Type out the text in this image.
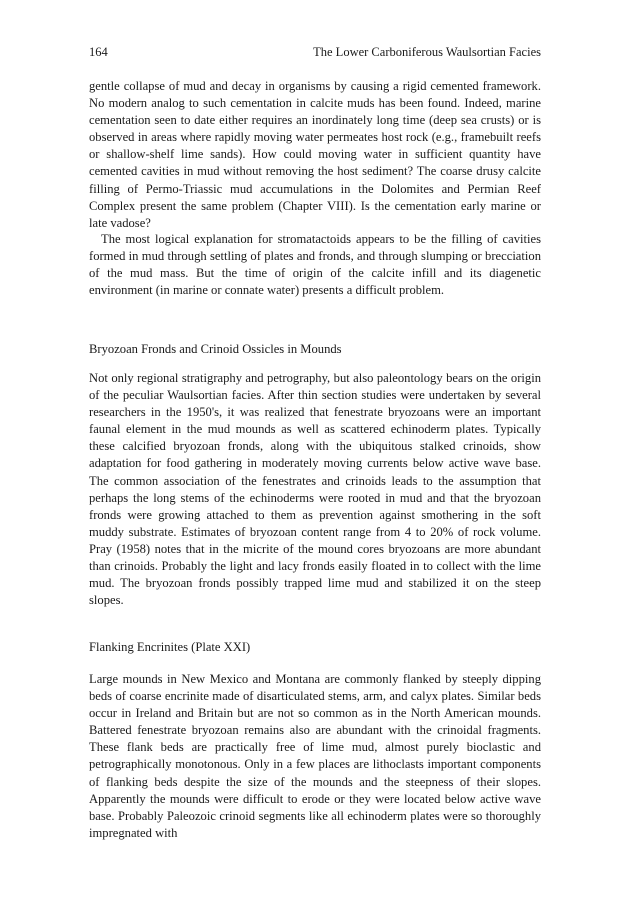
164	The Lower Carboniferous Waulsortian Facies

gentle collapse of mud and decay in organisms by causing a rigid cemented framework. No modern analog to such cementation in calcite muds has been found. Indeed, marine cementation seen to date either requires an inordinately long time (deep sea crusts) or is observed in areas where rapidly moving water permeates host rock (e.g., framebuilt reefs or shallow-shelf lime sands). How could moving water in sufficient quantity have cemented cavities in mud without removing the host sediment? The coarse drusy calcite filling of Permo-Triassic mud accumulations in the Dolomites and Permian Reef Complex present the same problem (Chapter VIII). Is the cementation early marine or late vadose?

The most logical explanation for stromatactoids appears to be the filling of cavities formed in mud through settling of plates and fronds, and through slumping or brecciation of the mud mass. But the time of origin of the calcite infill and its diagenetic environment (in marine or connate water) presents a difficult problem.

Bryozoan Fronds and Crinoid Ossicles in Mounds

Not only regional stratigraphy and petrography, but also paleontology bears on the origin of the peculiar Waulsortian facies. After thin section studies were undertaken by several researchers in the 1950's, it was realized that fenestrate bryozoans were an important faunal element in the mud mounds as well as scattered echinoderm plates. Typically these calcified bryozoan fronds, along with the ubiquitous stalked crinoids, show adaptation for food gathering in moderately moving currents below active wave base. The common association of the fenestrates and crinoids leads to the assumption that perhaps the long stems of the echinoderms were rooted in mud and that the bryozoan fronds were growing attached to them as prevention against smothering in the soft muddy substrate. Estimates of bryozoan content range from 4 to 20% of rock volume. Pray (1958) notes that in the micrite of the mound cores bryozoans are more abundant than crinoids. Probably the light and lacy fronds easily floated in to collect with the lime mud. The bryozoan fronds possibly trapped lime mud and stabilized it on the steep slopes.

Flanking Encrinites (Plate XXI)

Large mounds in New Mexico and Montana are commonly flanked by steeply dipping beds of coarse encrinite made of disarticulated stems, arm, and calyx plates. Similar beds occur in Ireland and Britain but are not so common as in the North American mounds. Battered fenestrate bryozoan remains also are abundant with the crinoidal fragments. These flank beds are practically free of lime mud, almost purely bioclastic and petrographically monotonous. Only in a few places are lithoclasts important components of flanking beds despite the size of the mounds and the steepness of their slopes. Apparently the mounds were difficult to erode or they were located below active wave base. Probably Paleozoic crinoid segments like all echinoderm plates were so thoroughly impregnated with
